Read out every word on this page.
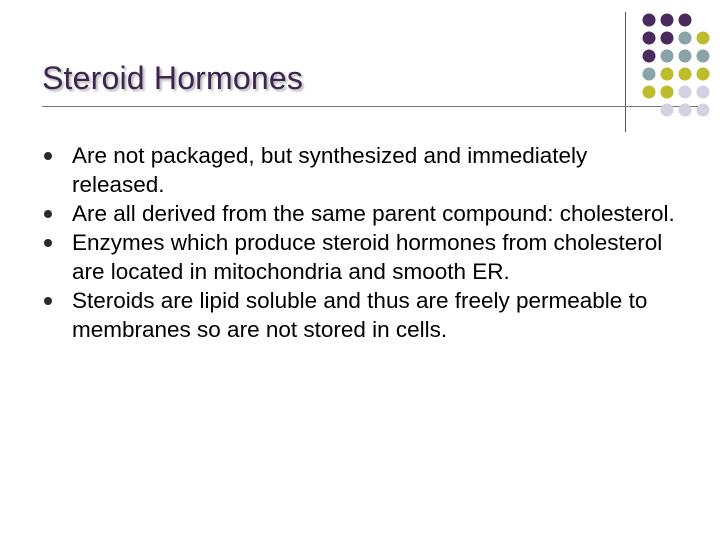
Steroid Hormones
Are not packaged, but synthesized and immediately released.
Are all derived from the same parent compound: cholesterol.
Enzymes which produce steroid hormones from cholesterol are located in mitochondria and smooth ER.
Steroids are lipid soluble and thus are freely permeable to membranes so are not stored in cells.
